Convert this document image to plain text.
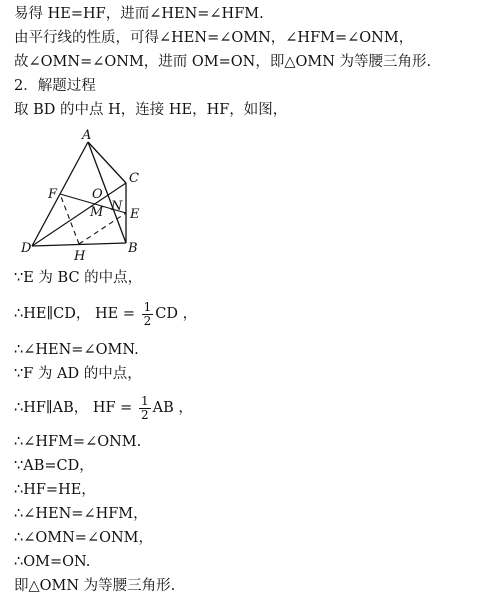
易得 HE=HF，进而∠HEN=∠HFM.
由平行线的性质，可得∠HEN=∠OMN，∠HFM=∠ONM，
故∠OMN=∠ONM，进而 OM=ON，即△OMN 为等腰三角形.
2．解题过程
取 BD 的中点 H，连接 HE，HF，如图，
A
C
F	O
M N
E
D	B
H
∵E 为 BC 的中点，
∴HE∥CD， HE = $\frac{1}{2}$ CD ，
∴∠HEN=∠OMN.
∵F 为 AD 的中点，
∴HF∥AB， HF = $\frac{1}{2}$ AB ，
∴∠HFM=∠ONM.
∵AB=CD，
∴HF=HE，
∴∠HEN=∠HFM，
∴∠OMN=∠ONM，
∴OM=ON.
即△OMN 为等腰三角形.
